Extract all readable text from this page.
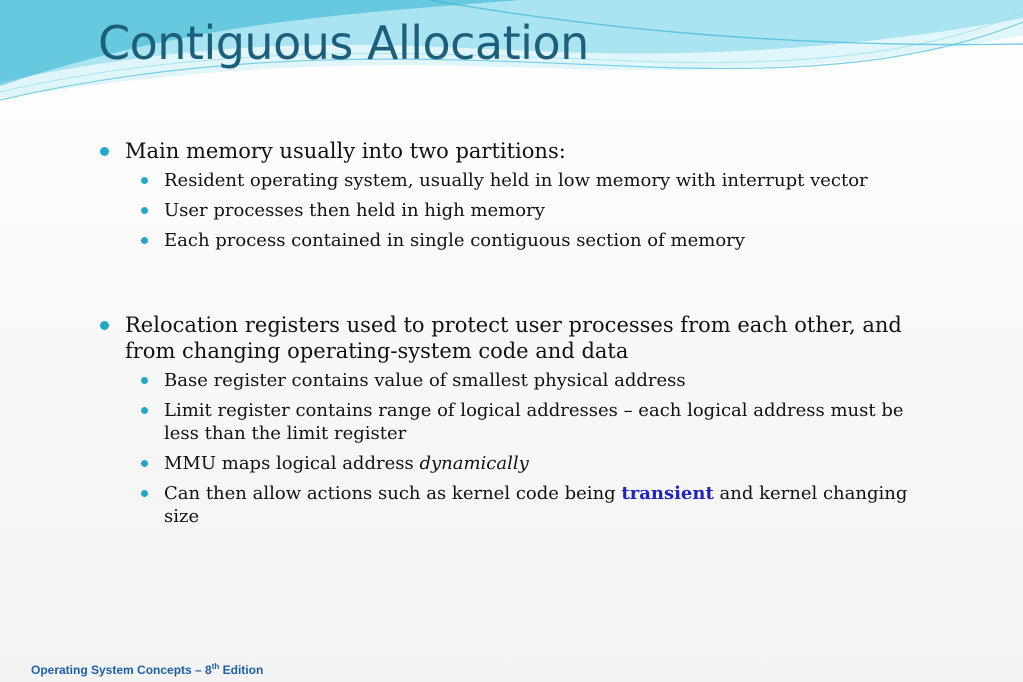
Contiguous Allocation
Main memory usually into two partitions:
Resident operating system, usually held in low memory with interrupt vector
User processes then held in high memory
Each process contained in single contiguous section of memory
Relocation registers used to protect user processes from each other, and from changing operating-system code and data
Base register contains value of smallest physical address
Limit register contains range of logical addresses – each logical address must be less than the limit register
MMU maps logical address dynamically
Can then allow actions such as kernel code being transient and kernel changing size
Operating System Concepts – 8th Edition
